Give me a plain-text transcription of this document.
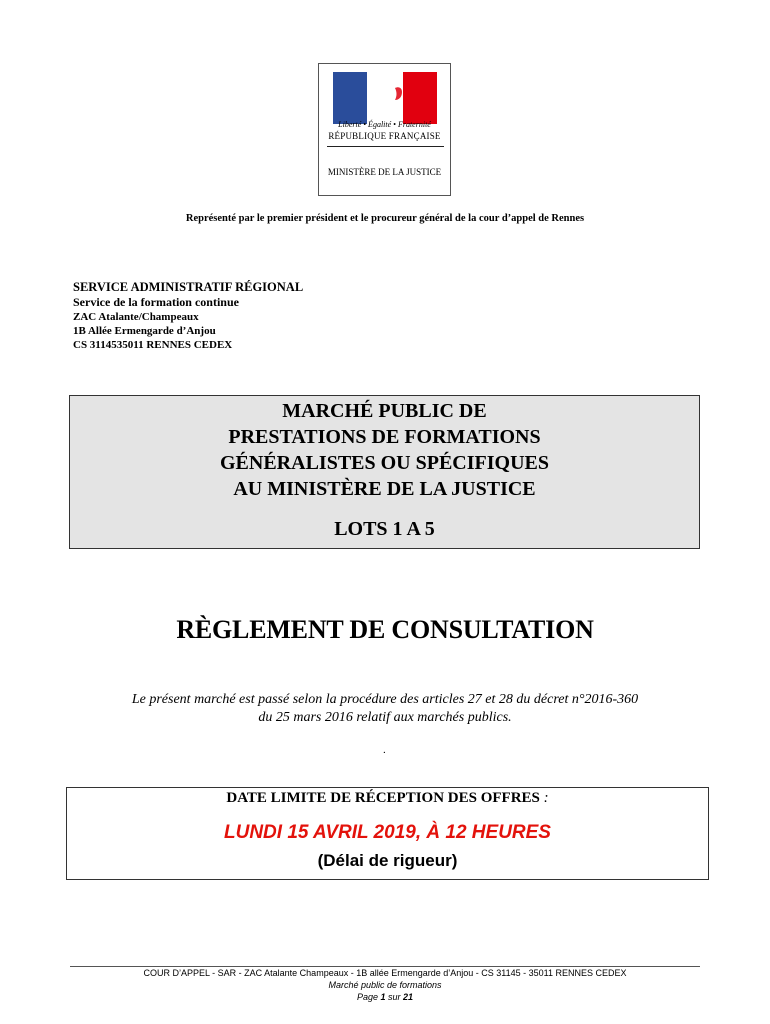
Liberté • Égalité • Fraternité
RÉPUBLIQUE FRANÇAISE
MINISTÈRE DE LA JUSTICE
Représenté par le premier président et le procureur général de la cour d’appel de Rennes
SERVICE ADMINISTRATIF RÉGIONAL
Service de la formation continue
ZAC Atalante/Champeaux
1B Allée Ermengarde d’Anjou
CS 3114535011 RENNES CEDEX
MARCHÉ PUBLIC DE
PRESTATIONS DE FORMATIONS
GÉNÉRALISTES OU SPÉCIFIQUES
AU MINISTÈRE DE LA JUSTICE
LOTS 1 A 5
RÈGLEMENT DE CONSULTATION
Le présent marché est passé selon la procédure des articles 27 et 28 du décret n°2016-360
du 25 mars 2016 relatif aux marchés publics.
.
DATE LIMITE DE RÉCEPTION DES OFFRES :
LUNDI 15 AVRIL 2019, À 12 HEURES
(Délai de rigueur)
COUR D’APPEL - SAR - ZAC Atalante Champeaux - 1B allée Ermengarde d’Anjou - CS 31145 - 35011 RENNES CEDEX
Marché public de formations
Page 1 sur 21
